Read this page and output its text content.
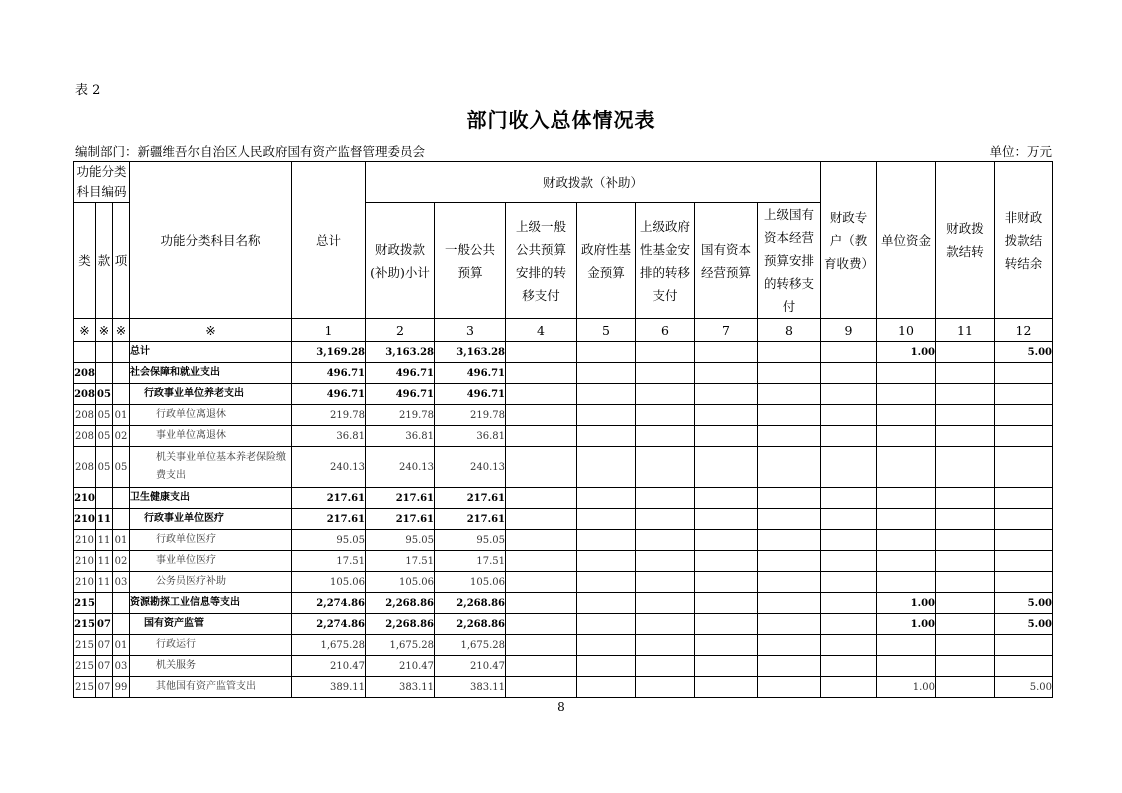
表 2
部门收入总体情况表
编制部门：新疆维吾尔自治区人民政府国有资产监督管理委员会	单位：万元
功能分类科目编码			功能分类科目名称	总计	财政拨款（补助）							财政专户（教育收费）	单位资金	财政拨款结转	非财政拨款结转结余

类	款	项			财政拨款(补助)小计	一般公共预算	上级一般公共预算安排的转移支付	政府性基金预算	上级政府性基金安排的转移支付	国有资本经营预算	上级国有资本经营预算安排的转移支付				

※	※	※	※	1	2	3	4	5	6	7	8	9	10	11	12
			总计	3,169.28	3,163.28	3,163.28							1.00		5.00
208			社会保障和就业支出	496.71	496.71	496.71									
208	05		行政事业单位养老支出	496.71	496.71	496.71									
208	05	01	行政单位离退休	219.78	219.78	219.78									
208	05	02	事业单位离退休	36.81	36.81	36.81									
208	05	05	机关事业单位基本养老保险缴费支出	240.13	240.13	240.13									
210			卫生健康支出	217.61	217.61	217.61									
210	11		行政事业单位医疗	217.61	217.61	217.61									
210	11	01	行政单位医疗	95.05	95.05	95.05									
210	11	02	事业单位医疗	17.51	17.51	17.51									
210	11	03	公务员医疗补助	105.06	105.06	105.06									
215			资源勘探工业信息等支出	2,274.86	2,268.86	2,268.86							1.00		5.00
215	07		国有资产监管	2,274.86	2,268.86	2,268.86							1.00		5.00
215	07	01	行政运行	1,675.28	1,675.28	1,675.28									
215	07	03	机关服务	210.47	210.47	210.47									
215	07	99	其他国有资产监管支出	389.11	383.11	383.11							1.00		5.00
8
